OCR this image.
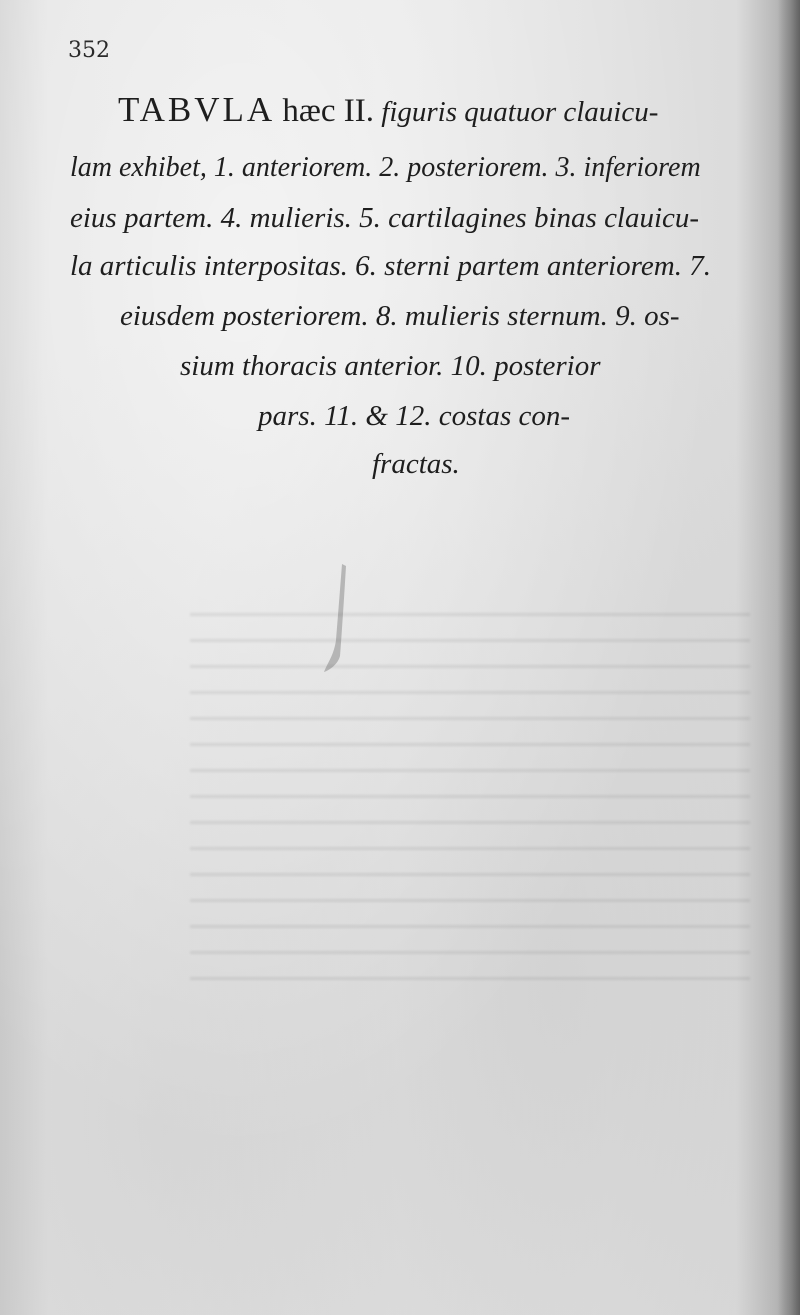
352
TABVLA hæc II. figuris quatuor clauicu-
lam exhibet, 1. anteriorem. 2. posteriorem. 3. inferiorem
eius partem. 4. mulieris. 5. cartilagines binas clauicu-
la articulis interpositas. 6. sterni partem anteriorem. 7.
eiusdem posteriorem. 8. mulieris sternum. 9. os-
sium thoracis anterior. 10. posterior
pars. 11. & 12. costas con-
fractas.
